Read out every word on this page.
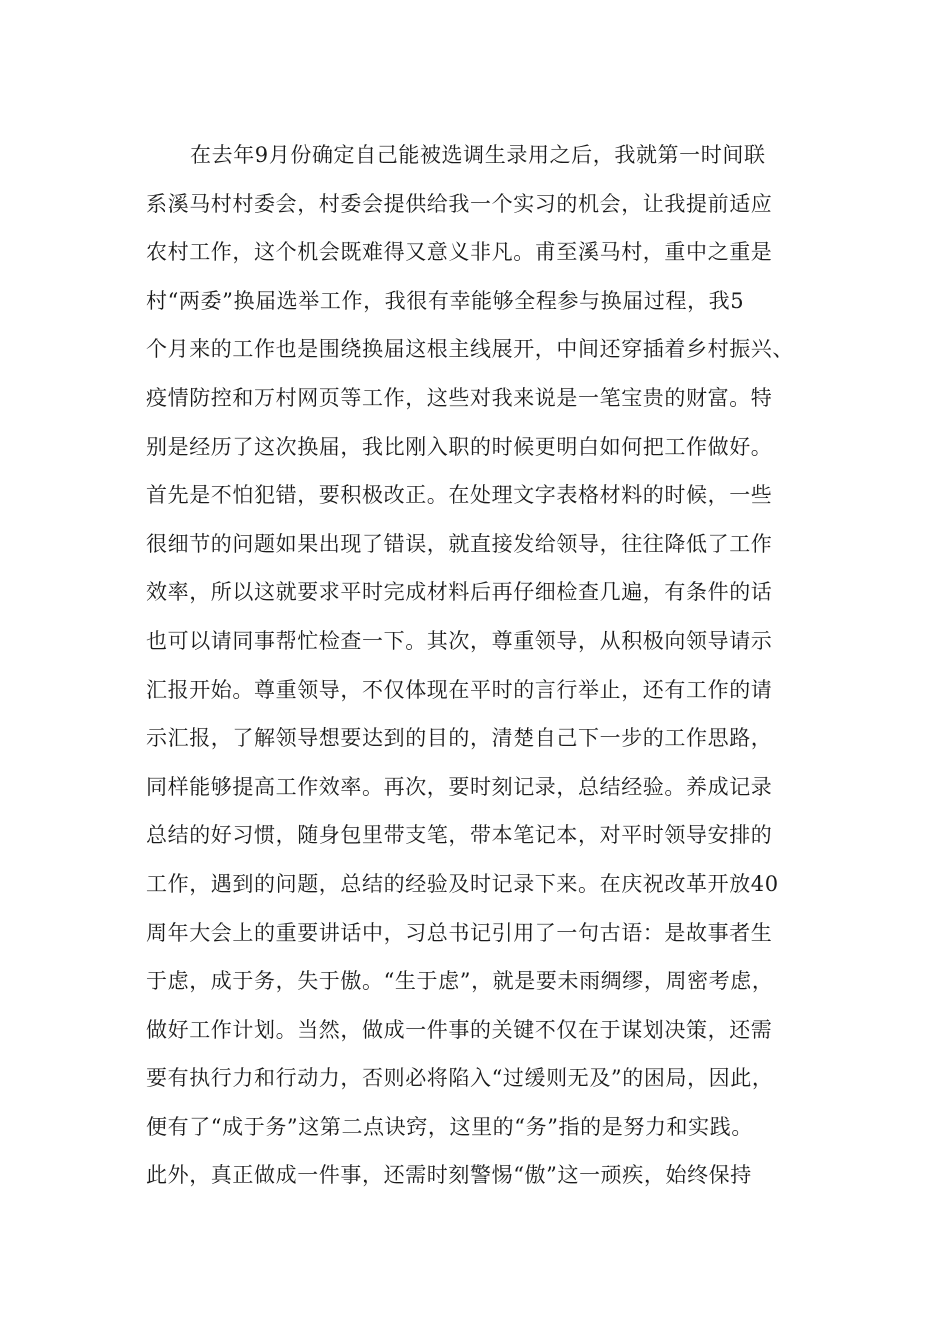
在去年9月份确定自己能被选调生录用之后，我就第一时间联
系溪马村村委会，村委会提供给我一个实习的机会，让我提前适应
农村工作，这个机会既难得又意义非凡。甫至溪马村，重中之重是
村“两委”换届选举工作，我很有幸能够全程参与换届过程，我5
个月来的工作也是围绕换届这根主线展开，中间还穿插着乡村振兴、
疫情防控和万村网页等工作，这些对我来说是一笔宝贵的财富。特
别是经历了这次换届，我比刚入职的时候更明白如何把工作做好。
首先是不怕犯错，要积极改正。在处理文字表格材料的时候，一些
很细节的问题如果出现了错误，就直接发给领导，往往降低了工作
效率，所以这就要求平时完成材料后再仔细检查几遍，有条件的话
也可以请同事帮忙检查一下。其次，尊重领导，从积极向领导请示
汇报开始。尊重领导，不仅体现在平时的言行举止，还有工作的请
示汇报，了解领导想要达到的目的，清楚自己下一步的工作思路，
同样能够提高工作效率。再次，要时刻记录，总结经验。养成记录
总结的好习惯，随身包里带支笔，带本笔记本，对平时领导安排的
工作，遇到的问题，总结的经验及时记录下来。在庆祝改革开放40
周年大会上的重要讲话中，习总书记引用了一句古语：是故事者生
于虑，成于务，失于傲。“生于虑”，就是要未雨绸缪，周密考虑，
做好工作计划。当然，做成一件事的关键不仅在于谋划决策，还需
要有执行力和行动力，否则必将陷入“过缓则无及”的困局，因此，
便有了“成于务”这第二点诀窍，这里的“务”指的是努力和实践。
此外，真正做成一件事，还需时刻警惕“傲”这一顽疾，始终保持
